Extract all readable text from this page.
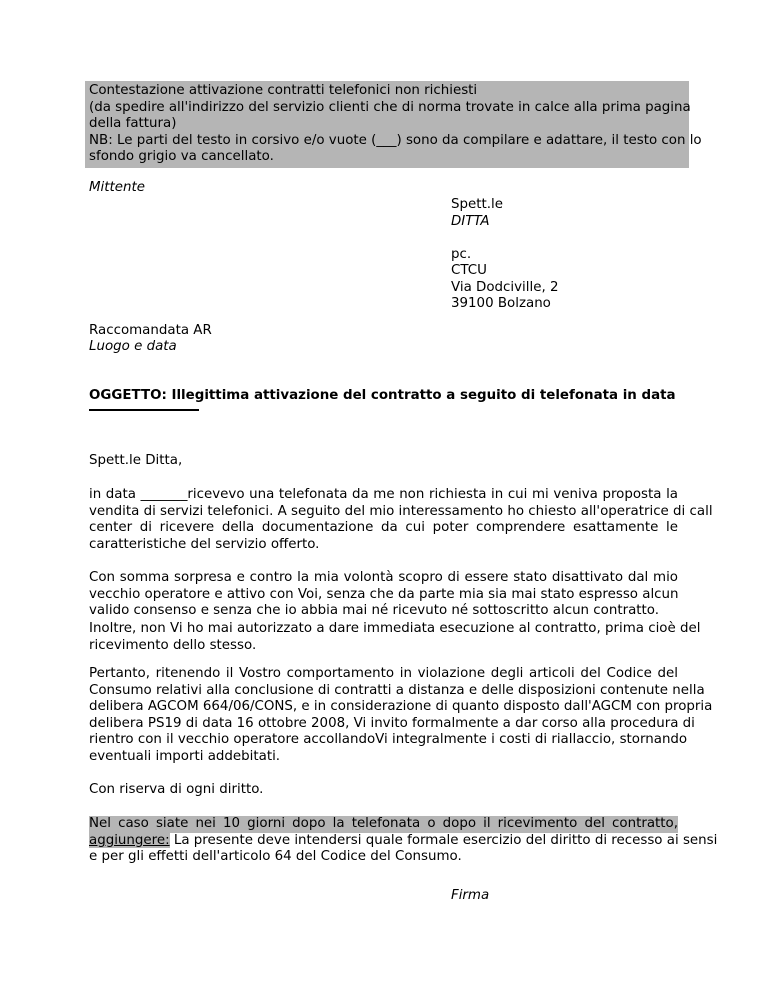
Contestazione attivazione contratti telefonici non richiesti
(da spedire all'indirizzo del servizio clienti che di norma trovate in calce alla prima pagina
della fattura)
NB: Le parti del testo in corsivo e/o vuote (___) sono da compilare e adattare, il testo con lo
sfondo grigio va cancellato.
Mittente
Spett.le
DITTA
pc.
CTCU
Via Dodciville, 2
39100 Bolzano
Raccomandata AR
Luogo e data
OGGETTO: Illegittima attivazione del contratto a seguito di telefonata in data
Spett.le Ditta,
in data _______ricevevo una telefonata da me non richiesta in cui mi veniva proposta la
vendita di servizi telefonici. A seguito del mio interessamento ho chiesto all'operatrice di call
center di ricevere della documentazione da cui poter comprendere esattamente le
caratteristiche del servizio offerto.
Con somma sorpresa e contro la mia volontà scopro di essere stato disattivato dal mio
vecchio operatore e attivo con Voi, senza che da parte mia sia mai stato espresso alcun
valido consenso e senza che io abbia mai né ricevuto né sottoscritto alcun contratto.
Inoltre, non Vi ho mai autorizzato a dare immediata esecuzione al contratto, prima cioè del
ricevimento dello stesso.
Pertanto, ritenendo il Vostro comportamento in violazione degli articoli del Codice del
Consumo relativi alla conclusione di contratti a distanza e delle disposizioni contenute nella
delibera AGCOM 664/06/CONS, e in considerazione di quanto disposto dall'AGCM con propria
delibera PS19 di data 16 ottobre 2008, Vi invito formalmente a dar corso alla procedura di
rientro con il vecchio operatore accollandoVi integralmente i costi di riallaccio, stornando
eventuali importi addebitati.
Con riserva di ogni diritto.
Nel caso siate nei 10 giorni dopo la telefonata o dopo il ricevimento del contratto,
aggiungere: La presente deve intendersi quale formale esercizio del diritto di recesso ai sensi
e per gli effetti dell'articolo 64 del Codice del Consumo.
Firma
